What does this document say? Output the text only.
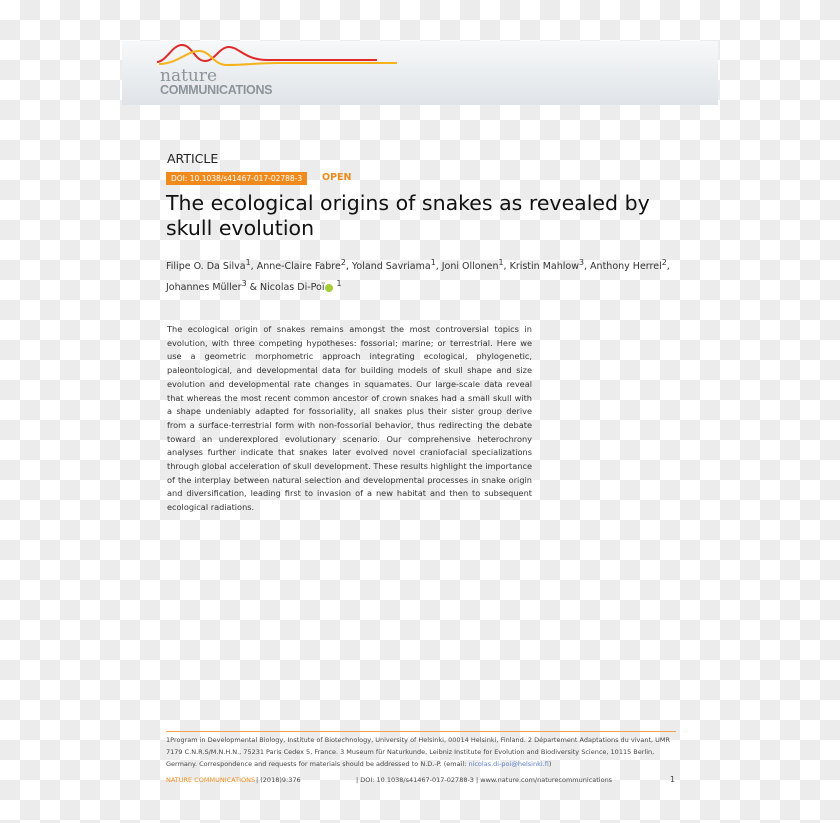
nature
COMMUNICATIONS
ARTICLE
DOI: 10.1038/s41467-017-02788-3	OPEN
The ecological origins of snakes as revealed by skull evolution
Filipe O. Da Silva$^1$, Anne-Claire Fabre$^2$, Yoland Savriama$^1$, Joni Ollonen$^1$, Kristin Mahlow$^3$, Anthony Herrel$^2$, Johannes Müller$^3$ & Nicolas Di-Poï $^1$
The ecological origin of snakes remains amongst the most controversial topics in evolution, with three competing hypotheses: fossorial; marine; or terrestrial. Here we use a geometric morphometric approach integrating ecological, phylogenetic, paleontological, and developmental data for building models of skull shape and size evolution and developmental rate changes in squamates. Our large-scale data reveal that whereas the most recent common ancestor of crown snakes had a small skull with a shape undeniably adapted for fossoriality, all snakes plus their sister group derive from a surface-terrestrial form with non-fossorial behavior, thus redirecting the debate toward an underexplored evolutionary scenario. Our comprehensive heterochrony analyses further indicate that snakes later evolved novel craniofacial specializations through global acceleration of skull development. These results highlight the importance of the interplay between natural selection and developmental processes in snake origin and diversification, leading first to invasion of a new habitat and then to subsequent ecological radiations.
1Program in Developmental Biology, Institute of Biotechnology, University of Helsinki, 00014 Helsinki, Finland. 2 Département Adaptations du vivant, UMR 7179 C.N.R.S/M.N.H.N., 75231 Paris Cedex 5, France. 3 Museum für Naturkunde, Leibniz Institute for Evolution and Biodiversity Science, 10115 Berlin, Germany. Correspondence and requests for materials should be addressed to N.D.-P. (email: nicolas.di-poi@helsinki.fi)
NATURE COMMUNICATIONS | (2018)9:376	| DOI: 10.1038/s41467-017-02788-3 | www.nature.com/naturecommunications	1
